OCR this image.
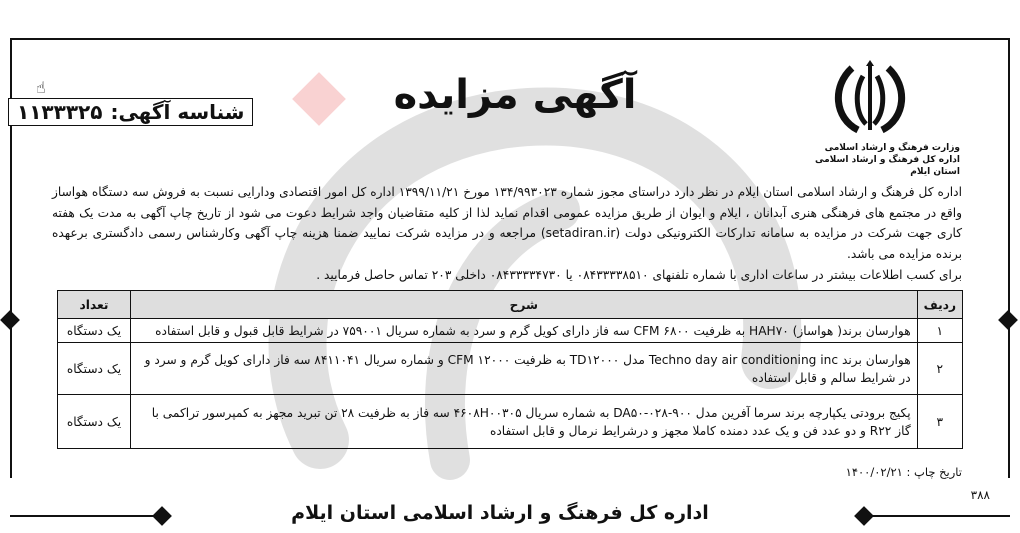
وزارت فرهنگ و ارشاد اسلامی
اداره کل فرهنگ و ارشاد اسلامی استان ایلام
آگهی مزایده
☝
شناسه آگهی:
۱۱۳۳۳۲۵

اداره کل فرهنگ و ارشاد اسلامی استان ایلام در نظر دارد دراستای مجوز شماره ۱۳۴/۹۹۳۰۲۳ مورخ ۱۳۹۹/۱۱/۲۱ اداره کل امور اقتصادی ودارایی نسبت به فروش سه دستگاه هواساز واقع در مجتمع های فرهنگی هنری آبدانان ، ایلام و ایوان از طریق مزایده عمومی اقدام نماید لذا از کلیه متقاضیان واجد شرایط دعوت می شود از تاریخ چاپ آگهی به مدت یک هفته کاری جهت شرکت در مزایده به سامانه تدارکات الکترونیکی دولت (setadiran.ir) مراجعه و در مزایده شرکت نمایید ضمنا هزینه چاپ آگهی وکارشناس رسمی دادگستری برعهده برنده مزایده می باشد.

برای کسب اطلاعات بیشتر در ساعات اداری با شماره تلفنهای ۰۸۴۳۳۳۳۸۵۱۰ یا ۰۸۴۳۳۳۳۴۷۳۰ داخلی ۲۰۳ تماس حاصل فرمایید .

ردیف	شرح	تعداد
۱	هوارسان برند( هواساز) HAH۷۰ به ظرفیت CFM ۶۸۰۰ سه فاز دارای کویل گرم و سرد به شماره سریال ۷۵۹۰۰۱ در شرایط قابل قبول و قابل استفاده	یک دستگاه
۲	هوارسان برند Techno day air conditioning inc مدل TD۱۲۰۰۰ به ظرفیت CFM ۱۲۰۰۰ و شماره سریال ۸۴۱۱۰۴۱ سه فاز دارای کویل گرم و سرد و در شرایط سالم و قابل استفاده	یک دستگاه
۳	پکیج برودتی یکپارچه برند سرما آفرین مدل ۹۰۰-۰۲۸-DA۵۰ به شماره سریال ۴۶۰۸H۰۰۳۰۵ سه فاز به ظرفیت ۲۸ تن تبرید مجهز به کمپرسور تراکمی با گاز R۲۲ و دو عدد فن و یک عدد دمنده کاملا مجهز و درشرایط نرمال و قابل استفاده	یک دستگاه
تاریخ چاپ : ۱۴۰۰/۰۲/۲۱
۳۸۸
اداره کل فرهنگ و ارشاد اسلامی استان ایلام
